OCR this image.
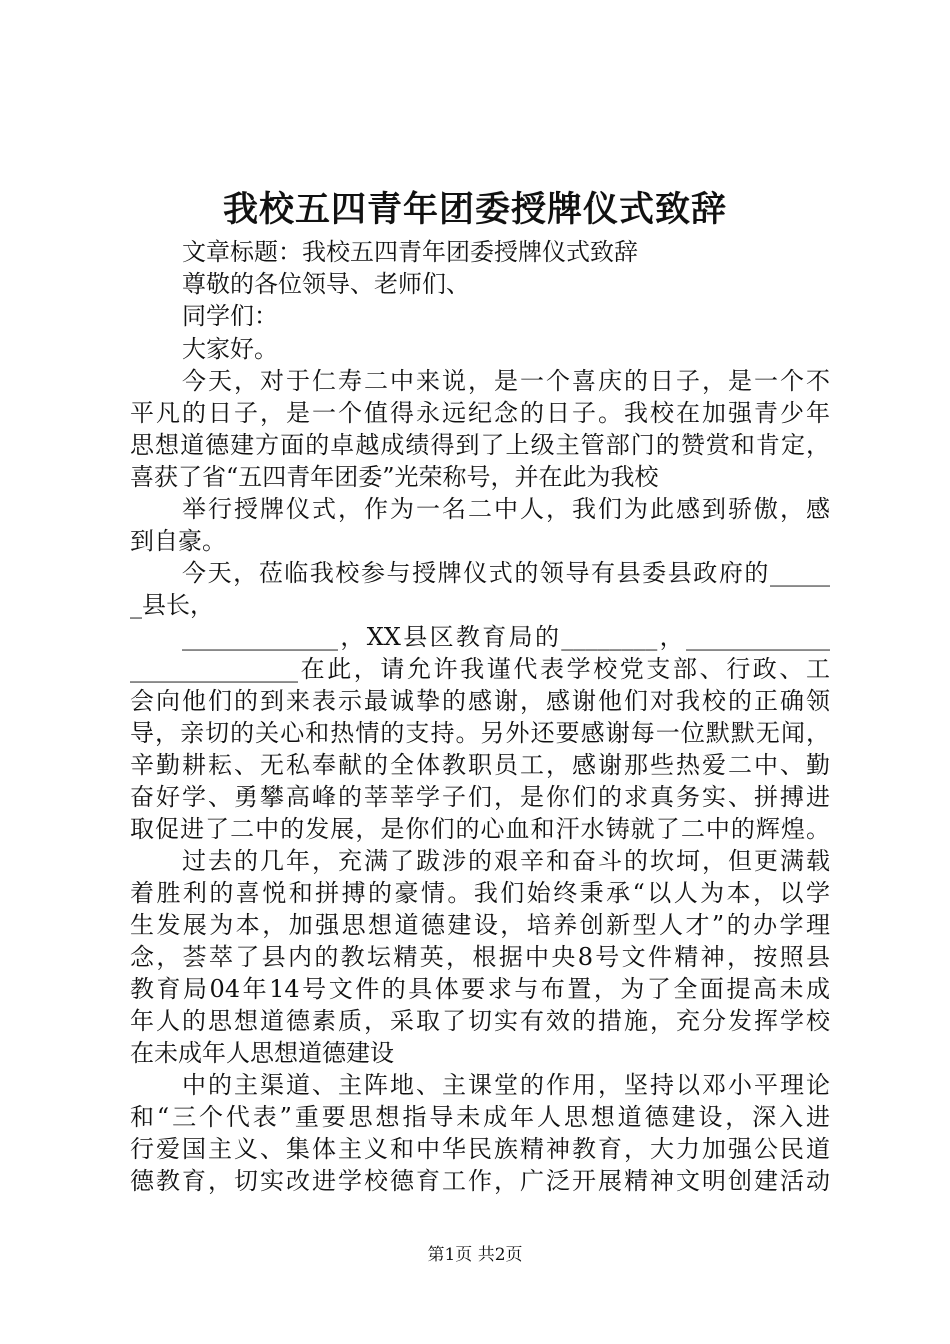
我校五四青年团委授牌仪式致辞
文章标题：我校五四青年团委授牌仪式致辞
尊敬的各位领导、老师们、
同学们：
大家好。
今天，对于仁寿二中来说，是一个喜庆的日子，是一个不
平凡的日子，是一个值得永远纪念的日子。我校在加强青少年
思想道德建方面的卓越成绩得到了上级主管部门的赞赏和肯定，
喜获了省“五四青年团委”光荣称号，并在此为我校
举行授牌仪式，作为一名二中人，我们为此感到骄傲，感
到自豪。
今天，莅临我校参与授牌仪式的领导有县委县政府的_____
_县长，
_____________，XX县区教育局的________，____________
______________在此，请允许我谨代表学校党支部、行政、工
会向他们的到来表示最诚挚的感谢，感谢他们对我校的正确领
导，亲切的关心和热情的支持。另外还要感谢每一位默默无闻，
辛勤耕耘、无私奉献的全体教职员工，感谢那些热爱二中、勤
奋好学、勇攀高峰的莘莘学子们，是你们的求真务实、拼搏进
取促进了二中的发展，是你们的心血和汗水铸就了二中的辉煌。
过去的几年，充满了跋涉的艰辛和奋斗的坎坷，但更满载
着胜利的喜悦和拼搏的豪情。我们始终秉承“以人为本，以学
生发展为本，加强思想道德建设，培养创新型人才”的办学理
念，荟萃了县内的教坛精英，根据中央8号文件精神，按照县
教育局04年14号文件的具体要求与布置，为了全面提高未成
年人的思想道德素质，采取了切实有效的措施，充分发挥学校
在未成年人思想道德建设
中的主渠道、主阵地、主课堂的作用，坚持以邓小平理论
和“三个代表”重要思想指导未成年人思想道德建设，深入进
行爱国主义、集体主义和中华民族精神教育，大力加强公民道
德教育，切实改进学校德育工作，广泛开展精神文明创建活动
第1页 共2页
